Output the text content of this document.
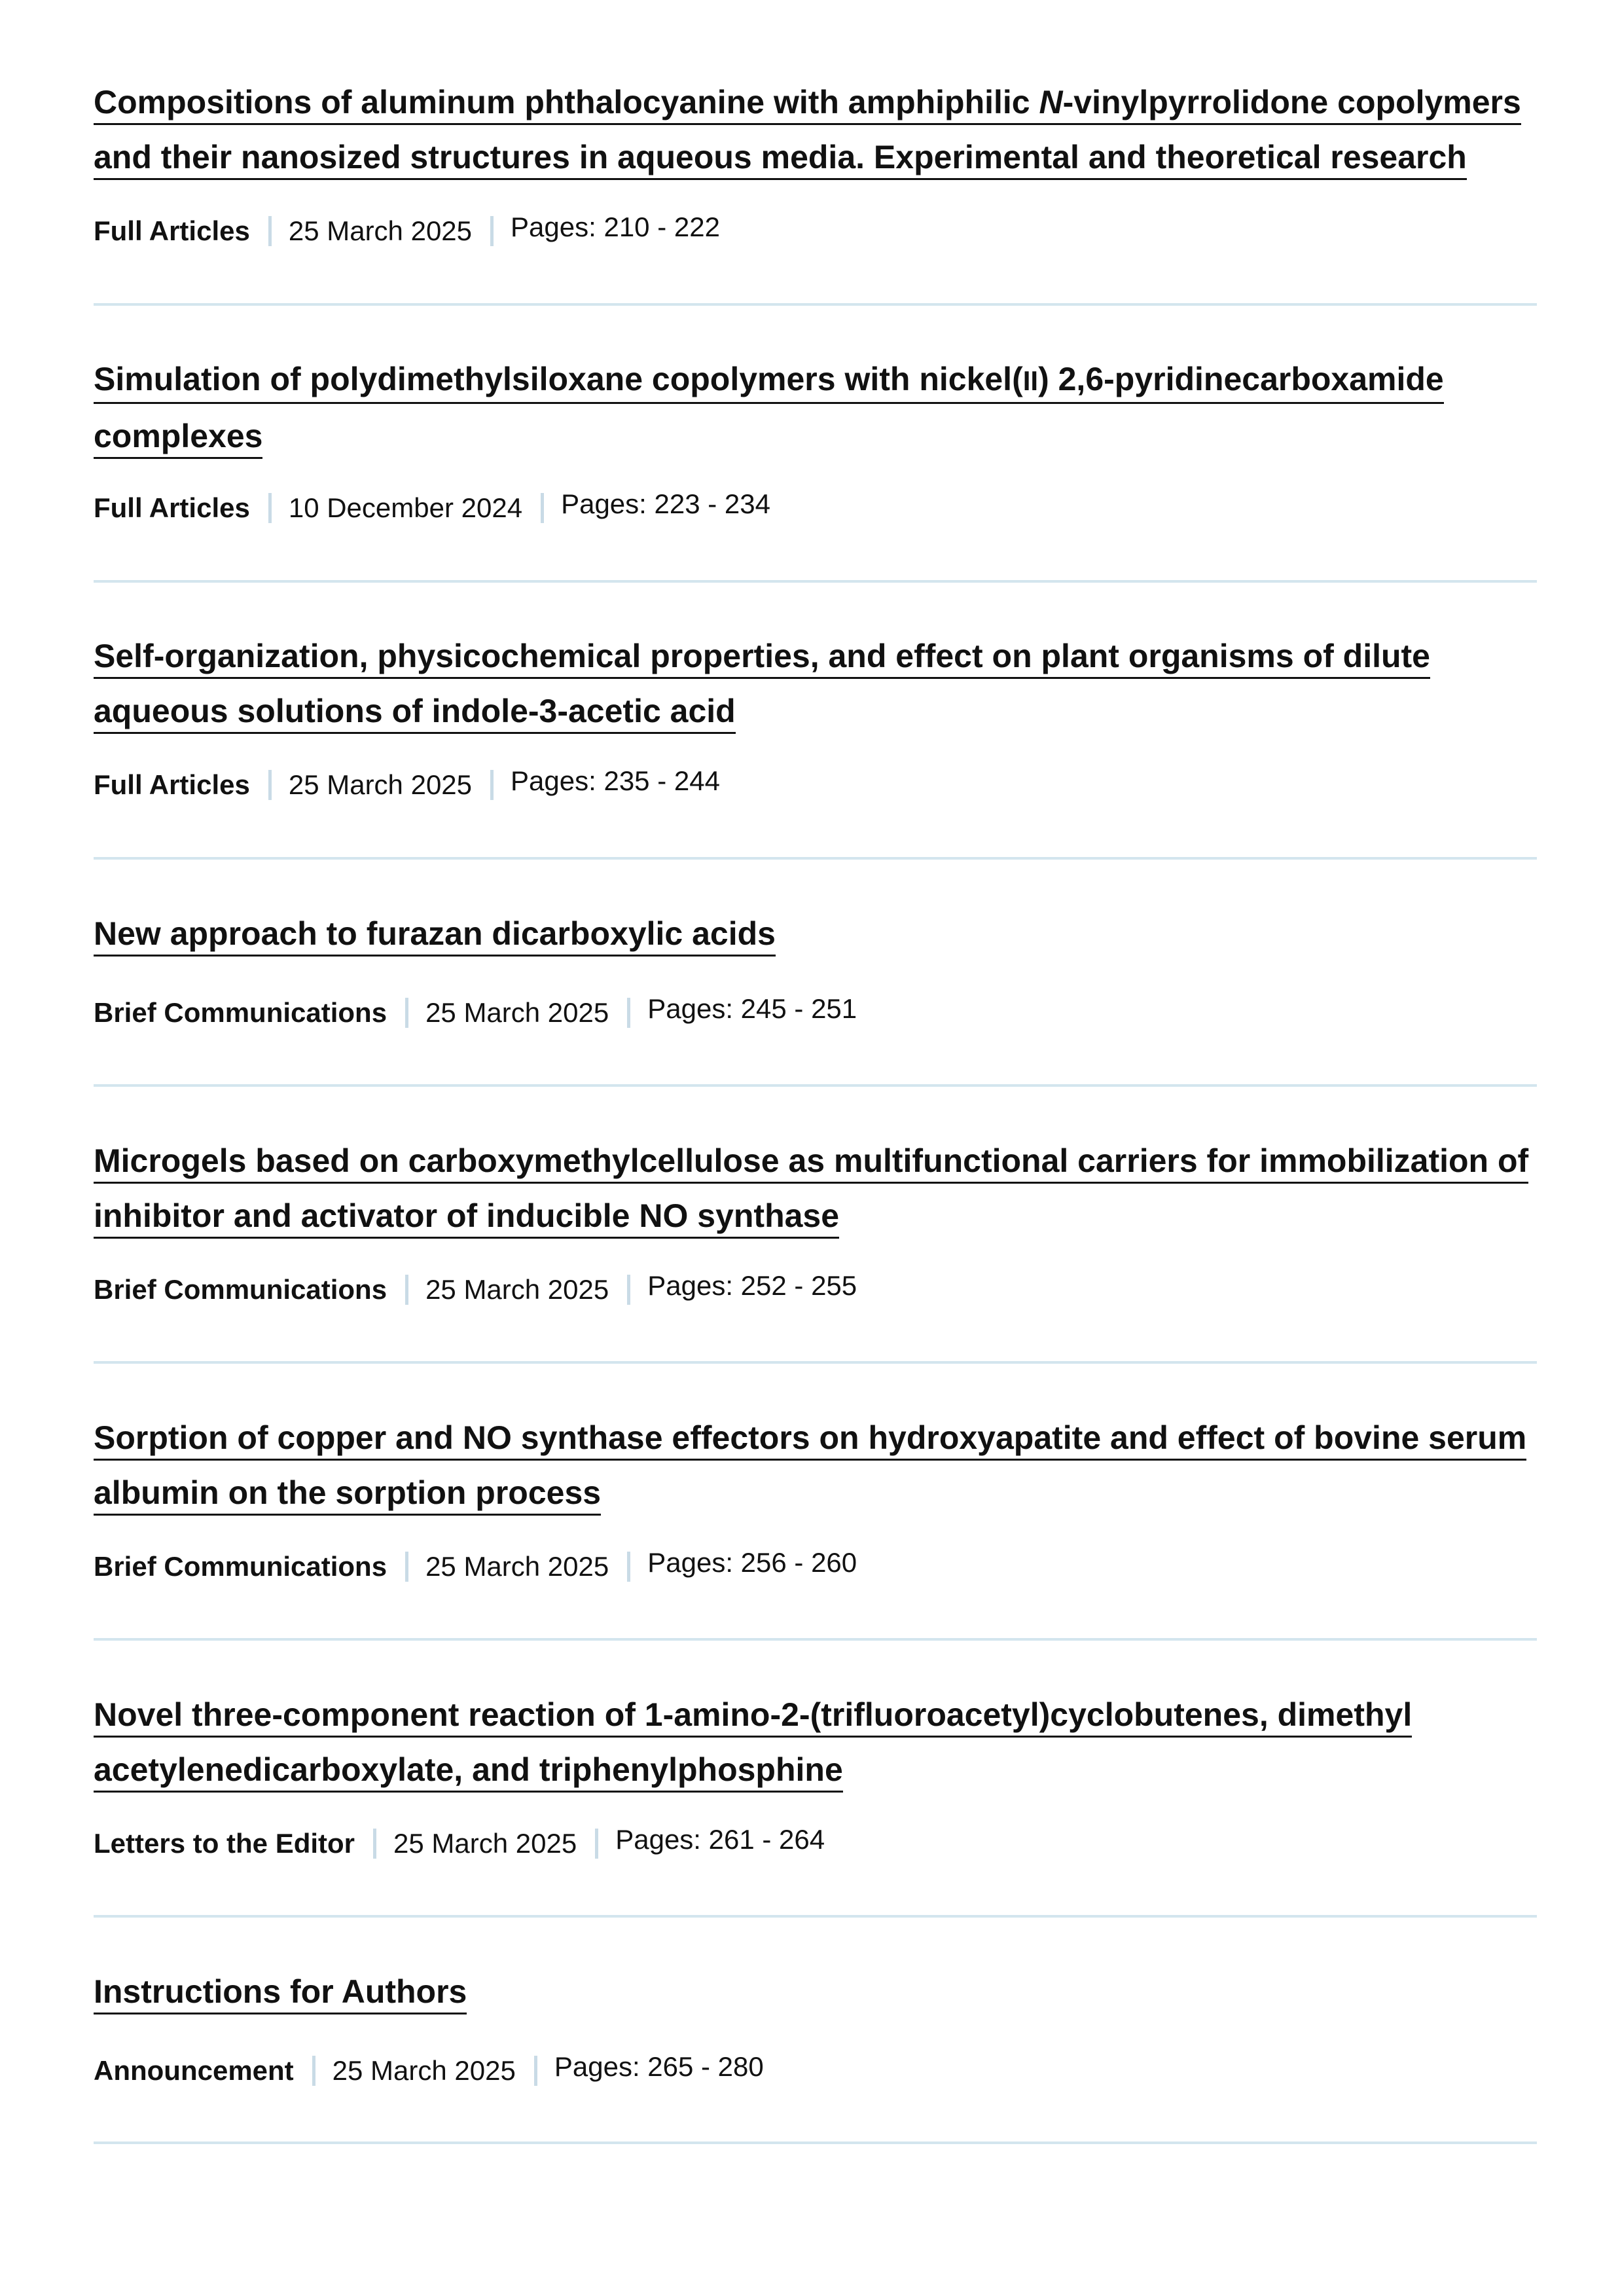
Compositions of aluminum phthalocyanine with amphiphilic N-vinylpyrrolidone copolymers
and their nanosized structures in aqueous media. Experimental and theoretical research
Full Articles 25 March 2025 Pages: 210 - 222
Simulation of polydimethylsiloxane copolymers with nickel(II) 2,6-pyridinecarboxamide
complexes
Full Articles 10 December 2024 Pages: 223 - 234
Self-organization, physicochemical properties, and effect on plant organisms of dilute
aqueous solutions of indole-3-acetic acid
Full Articles 25 March 2025 Pages: 235 - 244
New approach to furazan dicarboxylic acids
Brief Communications 25 March 2025 Pages: 245 - 251
Microgels based on carboxymethylcellulose as multifunctional carriers for immobilization of
inhibitor and activator of inducible NO synthase
Brief Communications 25 March 2025 Pages: 252 - 255
Sorption of copper and NO synthase effectors on hydroxyapatite and effect of bovine serum
albumin on the sorption process
Brief Communications 25 March 2025 Pages: 256 - 260
Novel three-component reaction of 1-amino-2-(trifluoroacetyl)cyclobutenes, dimethyl
acetylenedicarboxylate, and triphenylphosphine
Letters to the Editor 25 March 2025 Pages: 261 - 264
Instructions for Authors
Announcement 25 March 2025 Pages: 265 - 280
